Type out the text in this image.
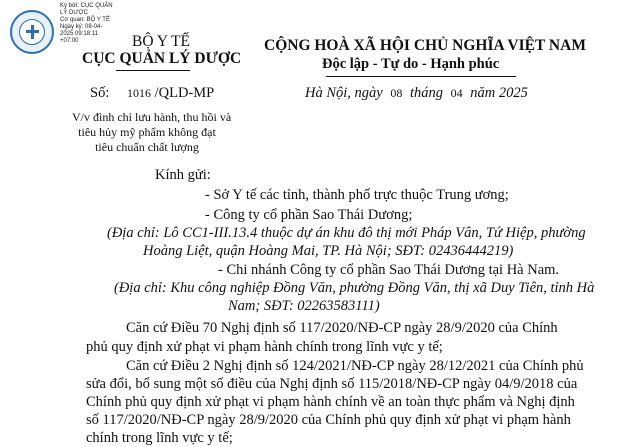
Ký bởi: CỤC QUẢN
LÝ DƯỢC
Cơ quan: BỘ Y TẾ
Ngày ký: 08-04-
2025 09:18:11
+07:00	BỘ Y TẾ
CỤC QUẢN LÝ DƯỢC
CỘNG HOÀ XÃ HỘI CHỦ NGHĨA VIỆT NAM
Độc lập - Tự do - Hạnh phúc
Số: 1016 /QLD-MP	Hà Nội, ngày 08 tháng 04 năm 2025
V/v đình chỉ lưu hành, thu hồi và
tiêu hủy mỹ phẩm không đạt
tiêu chuẩn chất lượng
Kính gửi:
- Sở Y tế các tỉnh, thành phố trực thuộc Trung ương;
- Công ty cổ phần Sao Thái Dương;
(Địa chỉ: Lô CC1-III.13.4 thuộc dự án khu đô thị mới Pháp Vân, Tứ Hiệp, phường
Hoàng Liệt, quận Hoàng Mai, TP. Hà Nội; SĐT: 02436444219)
- Chi nhánh Công ty cổ phần Sao Thái Dương tại Hà Nam.
(Địa chỉ: Khu công nghiệp Đồng Văn, phường Đồng Văn, thị xã Duy Tiên, tỉnh Hà
Nam; SĐT: 02263583111)
Căn cứ Điều 70 Nghị định số 117/2020/NĐ-CP ngày 28/9/2020 của Chính
phủ quy định xử phạt vi phạm hành chính trong lĩnh vực y tế;
Căn cứ Điều 2 Nghị định số 124/2021/NĐ-CP ngày 28/12/2021 của Chính phủ
sửa đổi, bổ sung một số điều của Nghị định số 115/2018/NĐ-CP ngày 04/9/2018 của
Chính phủ quy định xử phạt vi phạm hành chính về an toàn thực phẩm và Nghị định
số 117/2020/NĐ-CP ngày 28/9/2020 của Chính phủ quy định xử phạt vi phạm hành
chính trong lĩnh vực y tế;
